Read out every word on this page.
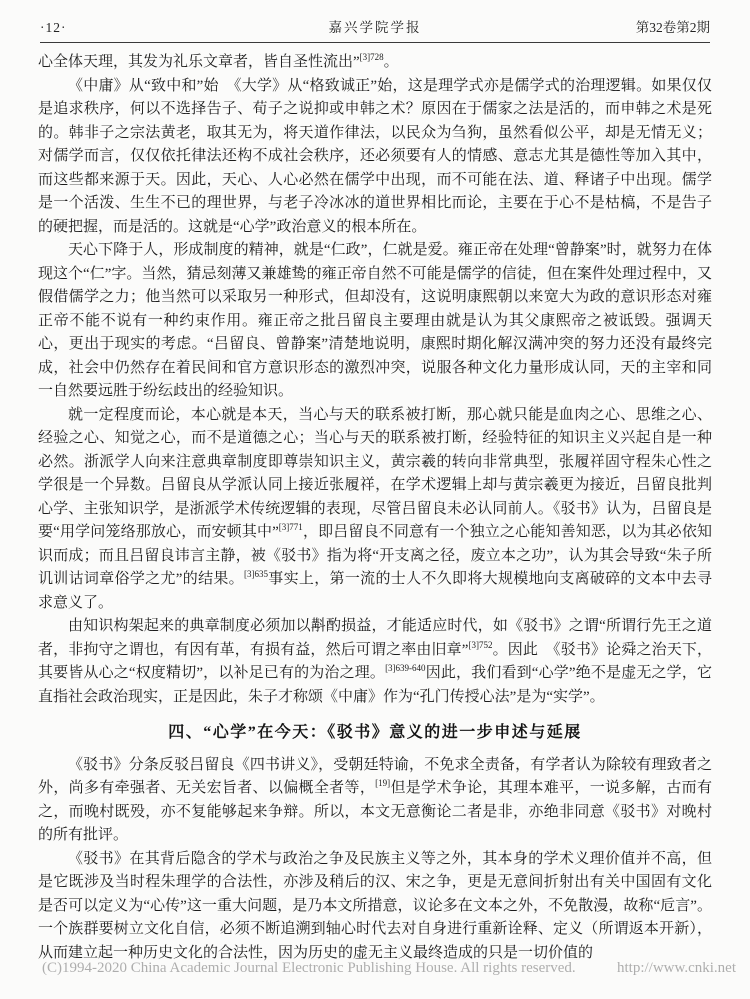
·12·	嘉兴学院学报	第32卷第2期

心全体天理，其发为礼乐文章者，皆自圣性流出”$^{[3]728}$。

《中庸》从“致中和”始　《大学》从“格致诚正”始，这是理学式亦是儒学式的治理逻辑。如果仅仅是追求秩序，何以不选择告子、荀子之说抑或申韩之术？原因在于儒家之法是活的，而申韩之术是死的。韩非子之宗法黄老，取其无为，将天道作律法，以民众为刍狗，虽然看似公平，却是无情无义；对儒学而言，仅仅依托律法还构不成社会秩序，还必须要有人的情感、意志尤其是德性等加入其中，而这些都来源于天。因此，天心、人心必然在儒学中出现，而不可能在法、道、释诸子中出现。儒学是一个活泼、生生不已的理世界，与老子冷冰冰的道世界相比而论，主要在于心不是枯槁，不是告子的硬把握，而是活的。这就是“心学”政治意义的根本所在。

天心下降于人，形成制度的精神，就是“仁政”，仁就是爱。雍正帝在处理“曾静案”时，就努力在体现这个“仁”字。当然，猜忌刻薄又兼雄鸷的雍正帝自然不可能是儒学的信徒，但在案件处理过程中，又假借儒学之力；他当然可以采取另一种形式，但却没有，这说明康熙朝以来宽大为政的意识形态对雍正帝不能不说有一种约束作用。雍正帝之批吕留良主要理由就是认为其父康熙帝之被诋毁。强调天心，更出于现实的考虑。“吕留良、曾静案”清楚地说明，康熙时期化解汉满冲突的努力还没有最终完成，社会中仍然存在着民间和官方意识形态的激烈冲突，说服各种文化力量形成认同，天的主宰和同一自然要远胜于纷纭歧出的经验知识。

就一定程度而论，本心就是本天，当心与天的联系被打断，那心就只能是血肉之心、思维之心、经验之心、知觉之心，而不是道德之心；当心与天的联系被打断，经验特征的知识主义兴起自是一种必然。浙派学人向来注意典章制度即尊崇知识主义，黄宗羲的转向非常典型，张履祥固守程朱心性之学很是一个异数。吕留良从学派认同上接近张履祥，在学术逻辑上却与黄宗羲更为接近，吕留良批判心学、主张知识学，是浙派学术传统逻辑的表现，尽管吕留良未必认同前人。《驳书》认为，吕留良是要“用学问笼络那放心，而安顿其中”$^{[3]771}$，即吕留良不同意有一个独立之心能知善知恶，以为其必依知识而成；而且吕留良讳言主静，被《驳书》指为将“开支离之径，废立本之功”，认为其会导致“朱子所讥训诂词章俗学之尤”的结果。$^{[3]635}$事实上，第一流的士人不久即将大规模地向支离破碎的文本中去寻求意义了。

由知识构架起来的典章制度必须加以斠酌损益，才能适应时代，如《驳书》之谓“所谓行先王之道者，非拘守之谓也，有因有革，有损有益，然后可谓之率由旧章”$^{[3]752}$。因此　《驳书》论舜之治天下，其要皆从心之“权度精切”，以补足已有的为治之理。$^{[3]639-640}$因此，我们看到“心学”绝不是虚无之学，它直指社会政治现实，正是因此，朱子才称颂《中庸》作为“孔门传授心法”是为“实学”。

四、“心学”在今天：《驳书》意义的进一步申述与延展

《驳书》分条反驳吕留良《四书讲义》，受朝廷特谕，不免求全责备，有学者认为除较有理致者之外，尚多有牵强者、无关宏旨者、以偏概全者等，[19]但是学术争论，其理本难平，一说多解，古而有之，而晚村既殁，亦不复能够起来争辩。所以，本文无意衡论二者是非，亦绝非同意《驳书》对晚村的所有批评。

《驳书》在其背后隐含的学术与政治之争及民族主义等之外，其本身的学术义理价值并不高，但是它既涉及当时程朱理学的合法性，亦涉及稍后的汉、宋之争，更是无意间折射出有关中国固有文化是否可以定义为“心传”这一重大问题，是乃本文所措意，议论多在文本之外，不免散漫，故称“卮言”。一个族群要树立文化自信，必须不断追溯到轴心时代去对自身进行重新诠释、定义（所谓返本开新），从而建立起一种历史文化的合法性，因为历史的虚无主义最终造成的只是一切价值的

(C)1994-2020 China Academic Journal Electronic Publishing House. All rights reserved.	http://www.cnki.net
